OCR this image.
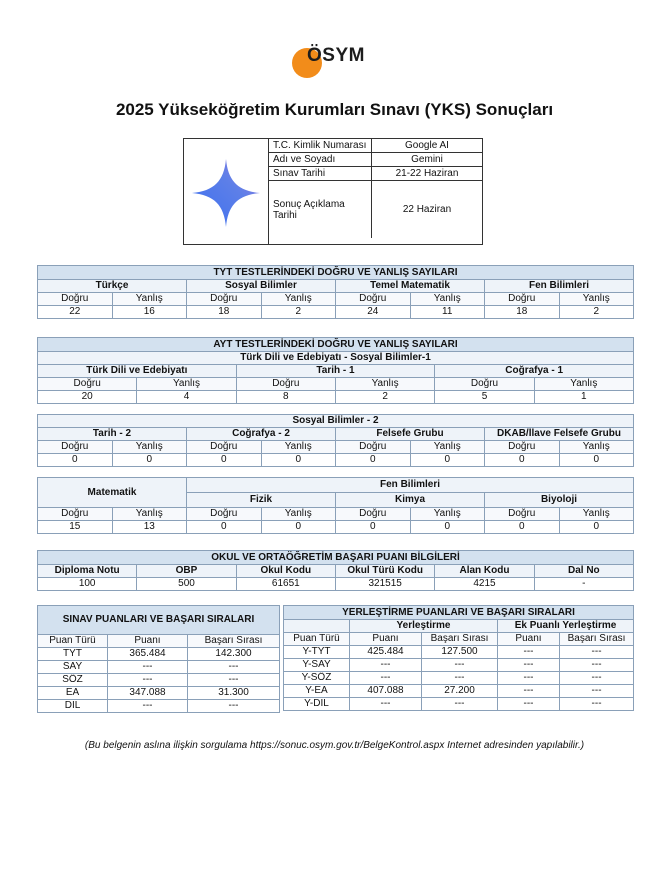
ÖSYM
2025 Yükseköğretim Kurumları Sınavı (YKS) Sonuçları
T.C. Kimlik Numarası	Google AI
Adı ve Soyadı	Gemini
Sınav Tarihi	21-22 Haziran
Sonuç Açıklama Tarihi	22 Haziran
TYT TESTLERİNDEKİ DOĞRU VE YANLIŞ SAYILARI							
Türkçe		Sosyal Bilimler		Temel Matematik		Fen Bilimleri	
Doğru	Yanlış	Doğru	Yanlış	Doğru	Yanlış	Doğru	Yanlış
22	16	18	2	24	11	18	2
AYT TESTLERİNDEKİ DOĞRU VE YANLIŞ SAYILARI					
Türk Dili ve Edebiyatı - Sosyal Bilimler-1					
Türk Dili ve Edebiyatı		Tarih - 1		Coğrafya - 1	
Doğru	Yanlış	Doğru	Yanlış	Doğru	Yanlış
20	4	8	2	5	1
Sosyal Bilimler - 2							
Tarih - 2		Coğrafya - 2		Felsefe Grubu		DKAB/İlave Felsefe Grubu	
Doğru	Yanlış	Doğru	Yanlış	Doğru	Yanlış	Doğru	Yanlış
0	0	0	0	0	0	0	0
Matematik		Fen Bilimleri					
		Fizik		Kimya		Biyoloji	
Doğru	Yanlış	Doğru	Yanlış	Doğru	Yanlış	Doğru	Yanlış
15	13	0	0	0	0	0	0
OKUL VE ORTAÖĞRETİM BAŞARI PUANI BİLGİLERİ					
Diploma Notu	OBP	Okul Kodu	Okul Türü Kodu	Alan Kodu	Dal No
100	500	61651	321515	4215	-
SINAV PUANLARI VE BAŞARI SIRALARI		
Puan Türü	Puanı	Başarı Sırası
TYT	365.484	142.300
SAY	---	---
SÖZ	---	---
EA	347.088	31.300
DİL	---	---
YERLEŞTİRME PUANLARI VE BAŞARI SIRALARI				
	Yerleştirme		Ek Puanlı Yerleştirme	
Puan Türü	Puanı	Başarı Sırası	Puanı	Başarı Sırası
Y-TYT	425.484	127.500	---	---
Y-SAY	---	---	---	---
Y-SÖZ	---	---	---	---
Y-EA	407.088	27.200	---	---
Y-DİL	---	---	---	---
(Bu belgenin aslına ilişkin sorgulama https://sonuc.osym.gov.tr/BelgeKontrol.aspx Internet adresinden yapılabilir.)
